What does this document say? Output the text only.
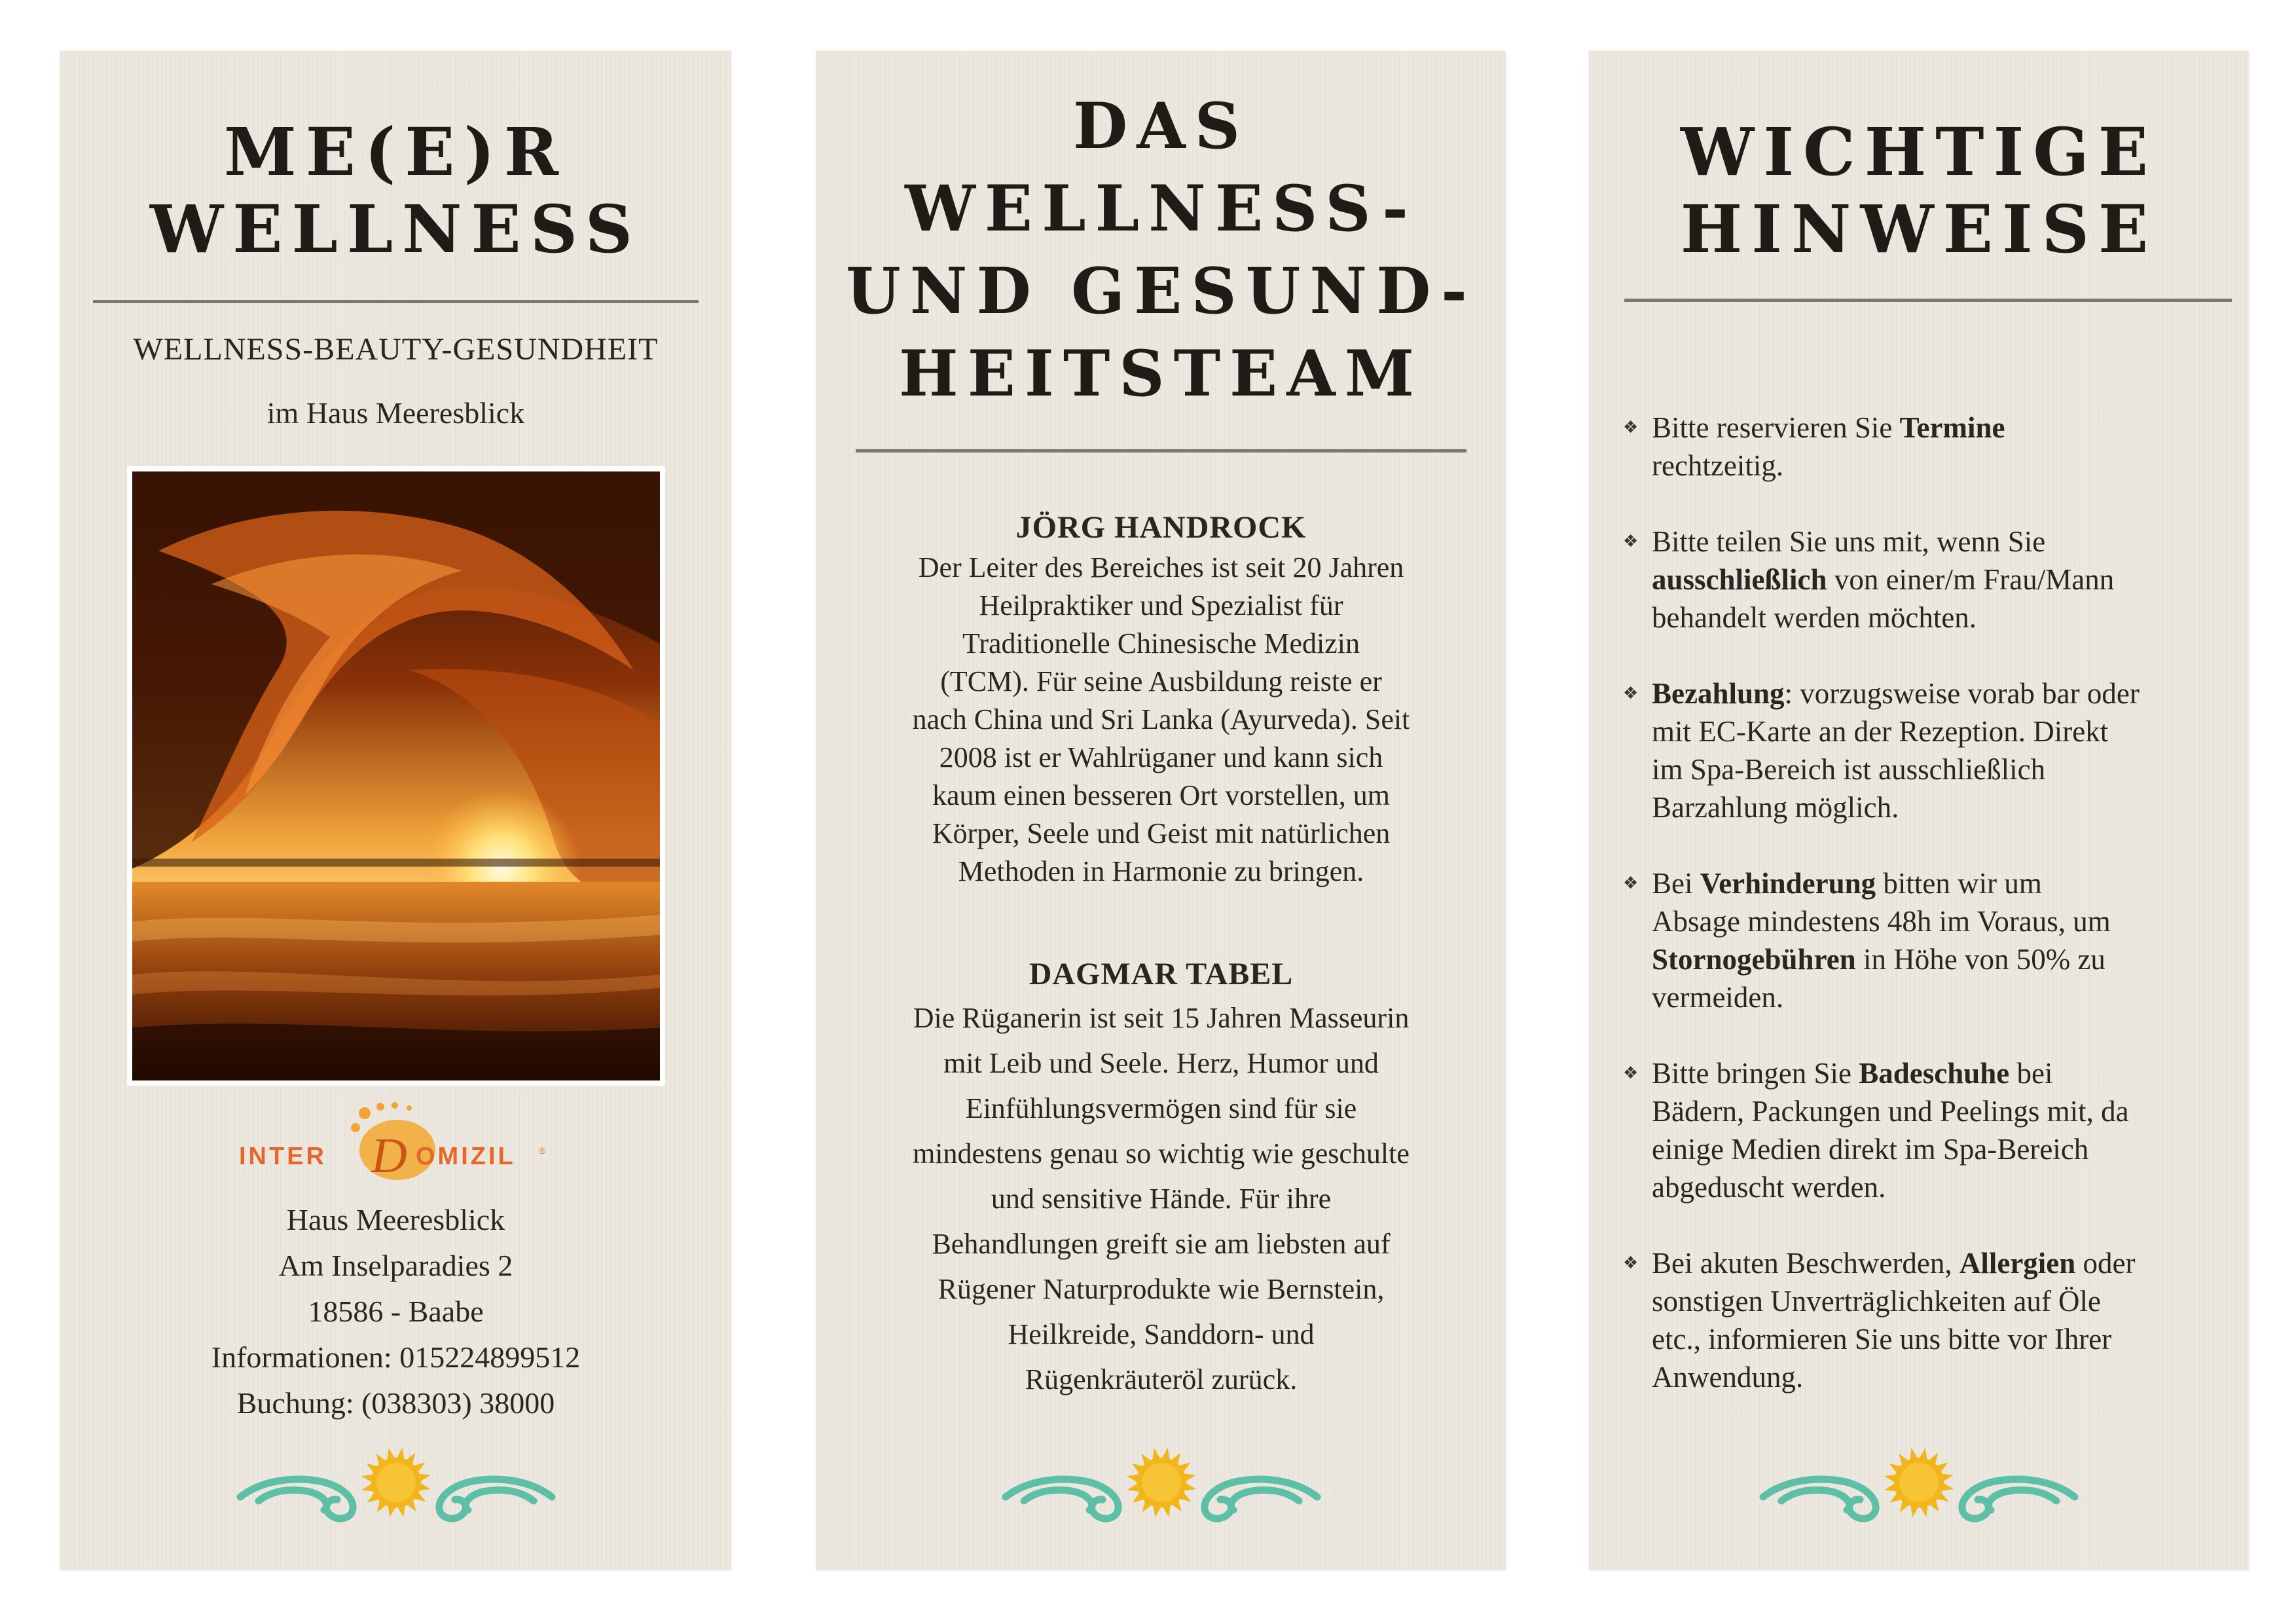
ME(E)R
WELLNESS
WELLNESS-BEAUTY-GESUNDHEIT
im Haus Meeresblick
INTER D OMIZIL	®
Haus Meeresblick
Am Inselparadies 2
18586 - Baabe
Informationen: 015224899512
Buchung: (038303) 38000
DAS
WELLNESS-
UND GESUND-
HEITSTEAM
JÖRG HANDROCK
Der Leiter des Bereiches ist seit 20 Jahren
Heilpraktiker und Spezialist für
Traditionelle Chinesische Medizin
(TCM). Für seine Ausbildung reiste er
nach China und Sri Lanka (Ayurveda). Seit
2008 ist er Wahlrüganer und kann sich
kaum einen besseren Ort vorstellen, um
Körper, Seele und Geist mit natürlichen
Methoden in Harmonie zu bringen.
DAGMAR TABEL
Die Rüganerin ist seit 15 Jahren Masseurin
mit Leib und Seele. Herz, Humor und
Einfühlungsvermögen sind für sie
mindestens genau so wichtig wie geschulte
und sensitive Hände. Für ihre
Behandlungen greift sie am liebsten auf
Rügener Naturprodukte wie Bernstein,
Heilkreide, Sanddorn- und
Rügenkräuteröl zurück.
WICHTIGE
HINWEISE
❖ Bitte reservieren Sie Termine
rechtzeitig.
❖ Bitte teilen Sie uns mit, wenn Sie
ausschließlich von einer/m Frau/Mann
behandelt werden möchten.
❖ Bezahlung: vorzugsweise vorab bar oder
mit EC-Karte an der Rezeption. Direkt
im Spa-Bereich ist ausschließlich
Barzahlung möglich.
❖ Bei Verhinderung bitten wir um
Absage mindestens 48h im Voraus, um
Stornogebühren in Höhe von 50% zu
vermeiden.
❖ Bitte bringen Sie Badeschuhe bei
Bädern, Packungen und Peelings mit, da
einige Medien direkt im Spa-Bereich
abgeduscht werden.
❖ Bei akuten Beschwerden, Allergien oder
sonstigen Unverträglichkeiten auf Öle
etc., informieren Sie uns bitte vor Ihrer
Anwendung.
